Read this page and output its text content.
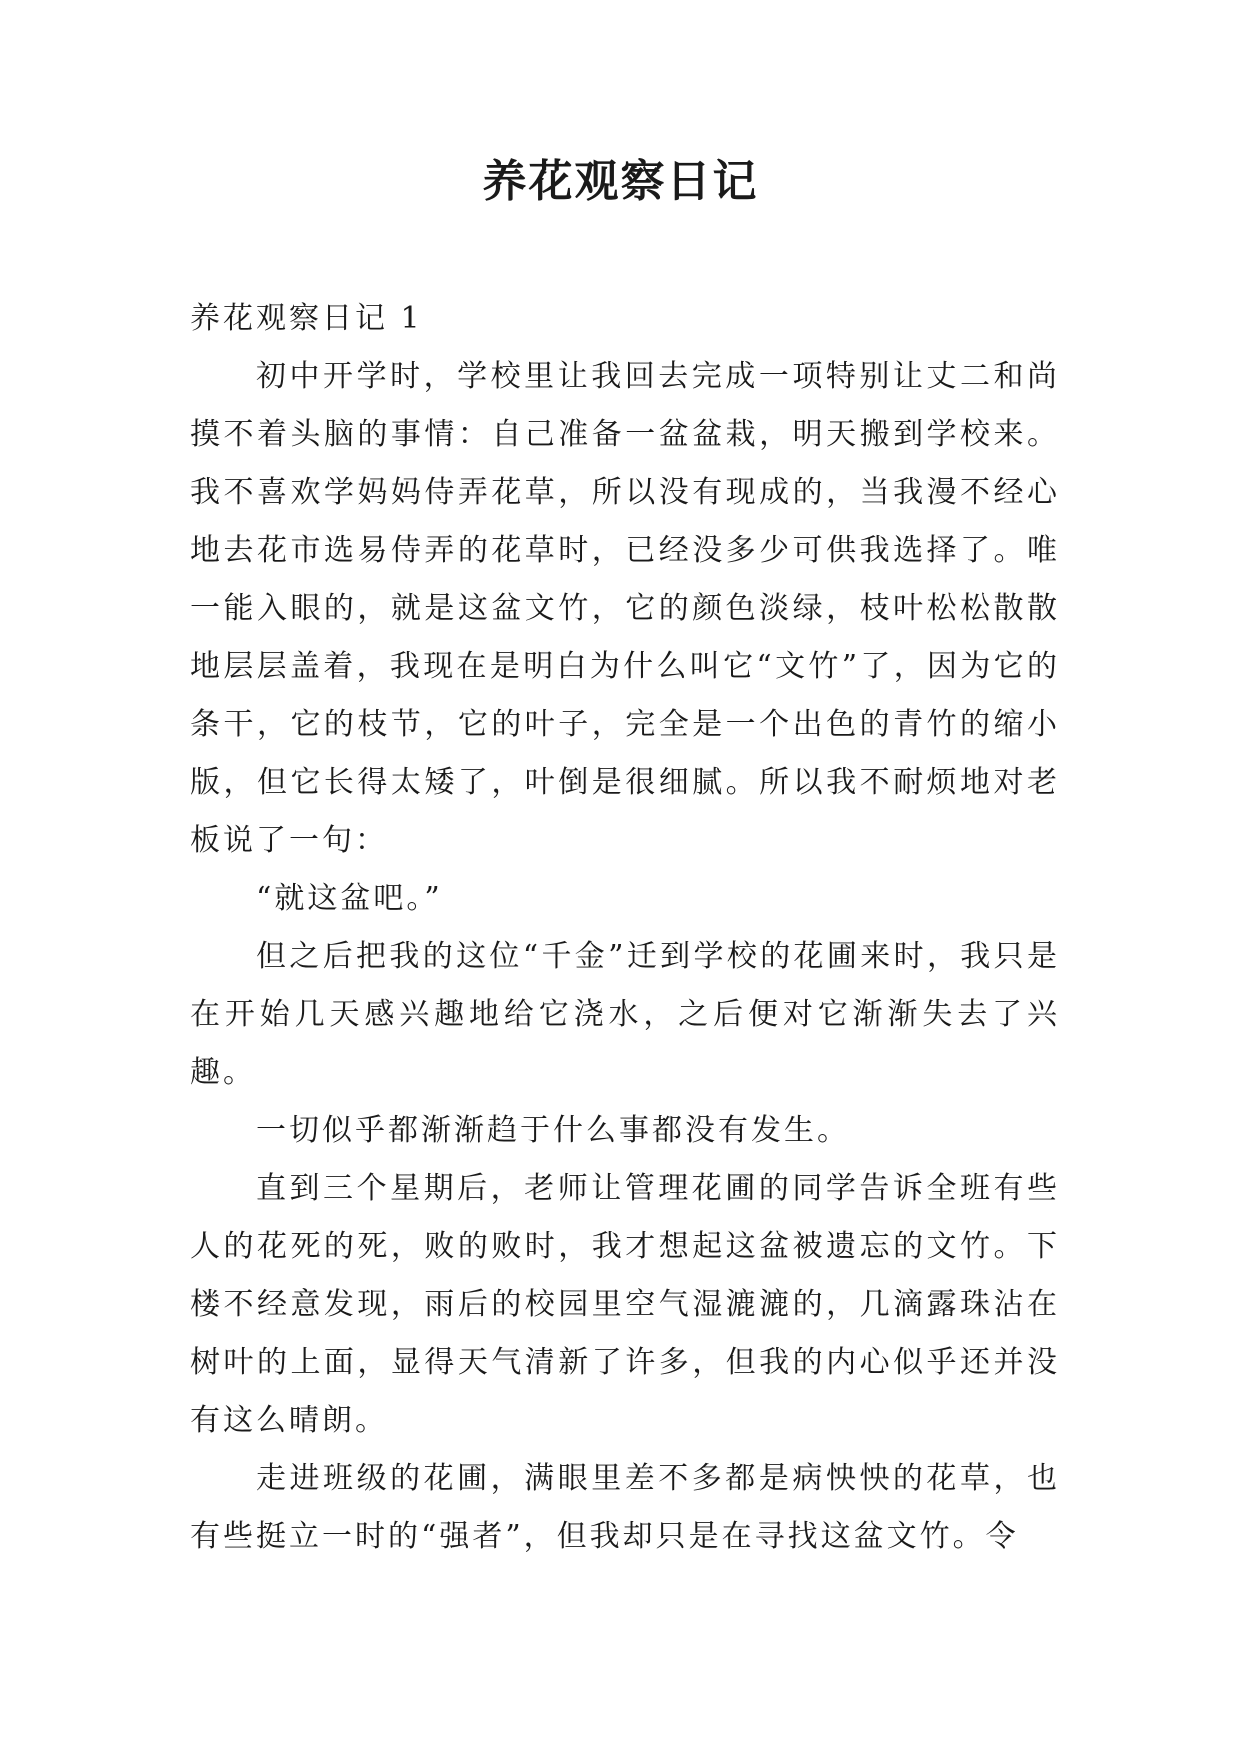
养花观察日记

养花观察日记 1

初中开学时，学校里让我回去完成一项特别让丈二和尚摸不着头脑的事情：自己准备一盆盆栽，明天搬到学校来。我不喜欢学妈妈侍弄花草，所以没有现成的，当我漫不经心地去花市选易侍弄的花草时，已经没多少可供我选择了。唯一能入眼的，就是这盆文竹，它的颜色淡绿，枝叶松松散散地层层盖着，我现在是明白为什么叫它“文竹”了，因为它的条干，它的枝节，它的叶子，完全是一个出色的青竹的缩小版，但它长得太矮了，叶倒是很细腻。所以我不耐烦地对老板说了一句：

“就这盆吧。”

但之后把我的这位“千金”迁到学校的花圃来时，我只是在开始几天感兴趣地给它浇水，之后便对它渐渐失去了兴趣。

一切似乎都渐渐趋于什么事都没有发生。

直到三个星期后，老师让管理花圃的同学告诉全班有些人的花死的死，败的败时，我才想起这盆被遗忘的文竹。下楼不经意发现，雨后的校园里空气湿漉漉的，几滴露珠沾在树叶的上面，显得天气清新了许多，但我的内心似乎还并没有这么晴朗。

走进班级的花圃，满眼里差不多都是病怏怏的花草，也有些挺立一时的“强者”，但我却只是在寻找这盆文竹。令
